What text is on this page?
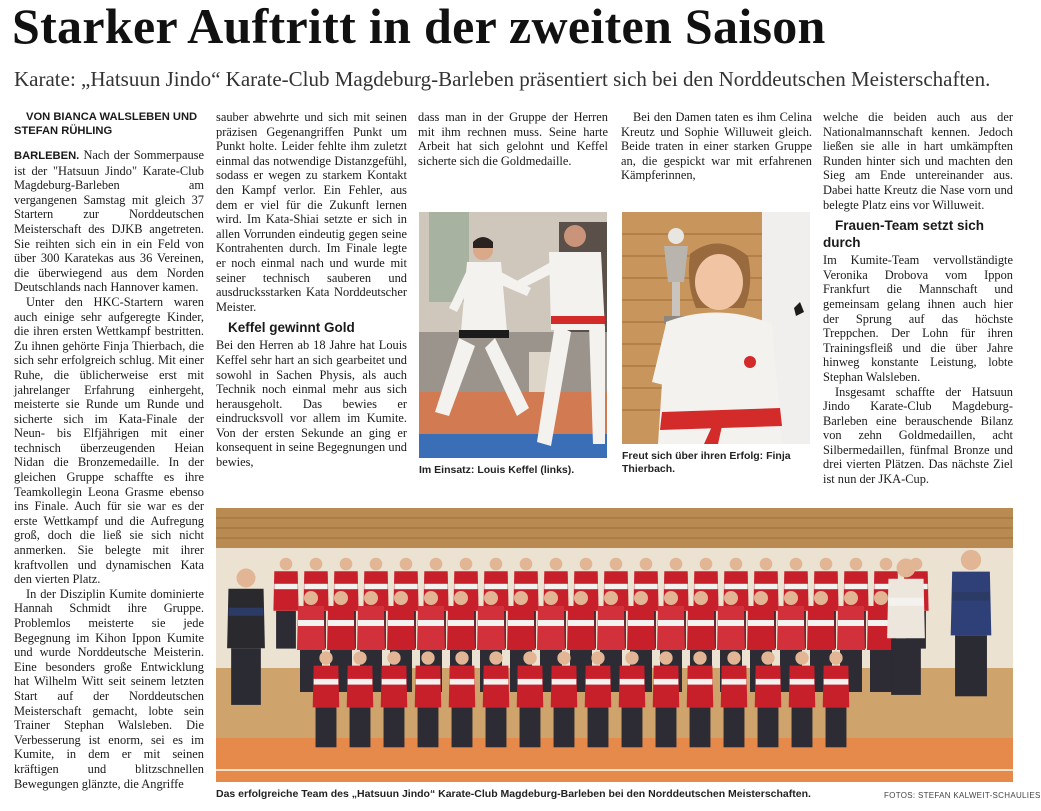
Starker Auftritt in der zweiten Saison
Karate: „Hatsuun Jindo“ Karate-Club Magdeburg-Barleben präsentiert sich bei den Norddeutschen Meisterschaften.

VON BIANCA WALSLEBEN UND STEFAN RÜHLING

BARLEBEN. Nach der Sommerpause ist der "Hatsuun Jindo" Karate-Club Magdeburg-Barleben am vergangenen Samstag mit gleich 37 Startern zur Norddeutschen Meisterschaft des DJKB angetreten. Sie reihten sich ein in ein Feld von über 300 Karatekas aus 36 Vereinen, die überwiegend aus dem Norden Deutschlands nach Hannover kamen.

Unter den HKC-Startern waren auch einige sehr aufgeregte Kinder, die ihren ersten Wettkampf bestritten. Zu ihnen gehörte Finja Thierbach, die sich sehr erfolgreich schlug. Mit einer Ruhe, die üblicherweise erst mit jahrelanger Erfahrung einhergeht, meisterte sie Runde um Runde und sicherte sich im Kata-Finale der Neun- bis Elfjährigen mit einer technisch überzeugenden Heian Nidan die Bronzemedaille. In der gleichen Gruppe schaffte es ihre Teamkollegin Leona Grasme ebenso ins Finale. Auch für sie war es der erste Wettkampf und die Aufregung groß, doch die ließ sie sich nicht anmerken. Sie belegte mit ihrer kraftvollen und dynamischen Kata den vierten Platz.

In der Disziplin Kumite dominierte Hannah Schmidt ihre Gruppe. Problemlos meisterte sie jede Begegnung im Kihon Ippon Kumite und wurde Norddeutsche Meisterin. Eine besonders große Entwicklung hat Wilhelm Witt seit seinem letzten Start auf der Norddeutschen Meisterschaft gemacht, lobte sein Trainer Stephan Walsleben. Die Verbesserung ist enorm, sei es im Kumite, in dem er mit seinen kräftigen und blitzschnellen Bewegungen glänzte, die Angriffe

sauber abwehrte und sich mit seinen präzisen Gegenangriffen Punkt um Punkt holte. Leider fehlte ihm zuletzt einmal das notwendige Distanzgefühl, sodass er wegen zu starkem Kontakt den Kampf verlor. Ein Fehler, aus dem er viel für die Zukunft lernen wird. Im Kata-Shiai setzte er sich in allen Vorrunden eindeutig gegen seine Kontrahenten durch. Im Finale legte er noch einmal nach und wurde mit seiner technisch sauberen und ausdrucksstarken Kata Norddeutscher Meister.

Keffel gewinnt Gold

Bei den Herren ab 18 Jahre hat Louis Keffel sehr hart an sich gearbeitet und sowohl in Sachen Physis, als auch Technik noch einmal mehr aus sich herausgeholt. Das bewies er eindrucksvoll vor allem im Kumite. Von der ersten Sekunde an ging er konsequent in seine Begegnungen und bewies,

dass man in der Gruppe der Herren mit ihm rechnen muss. Seine harte Arbeit hat sich gelohnt und Keffel sicherte sich die Goldmedaille.

Bei den Damen taten es ihm Celina Kreutz und Sophie Willuweit gleich. Beide traten in einer starken Gruppe an, die gespickt war mit erfahrenen Kämpferinnen,

welche die beiden auch aus der Nationalmannschaft kennen. Jedoch ließen sie alle in hart umkämpften Runden hinter sich und machten den Sieg am Ende untereinander aus. Dabei hatte Kreutz die Nase vorn und belegte Platz eins vor Willuweit.

Frauen-Team setzt sich durch

Im Kumite-Team vervollständigte Veronika Drobova vom Ippon Frankfurt die Mannschaft und gemeinsam gelang ihnen auch hier der Sprung auf das höchste Treppchen. Der Lohn für ihren Trainingsfleiß und die über Jahre hinweg konstante Leistung, lobte Stephan Walsleben.

Insgesamt schaffte der Hatsuun Jindo Karate-Club Magdeburg-Barleben eine berauschende Bilanz von zehn Goldmedaillen, acht Silbermedaillen, fünfmal Bronze und drei vierten Plätzen. Das nächste Ziel ist nun der JKA-Cup.

Im Einsatz: Louis Keffel (links).
Freut sich über ihren Erfolg: Finja Thierbach.
Das erfolgreiche Team des „Hatsuun Jindo“ Karate-Club Magdeburg-Barleben bei den Norddeutschen Meisterschaften.	FOTOS: STEFAN KALWEIT-SCHAULIES
